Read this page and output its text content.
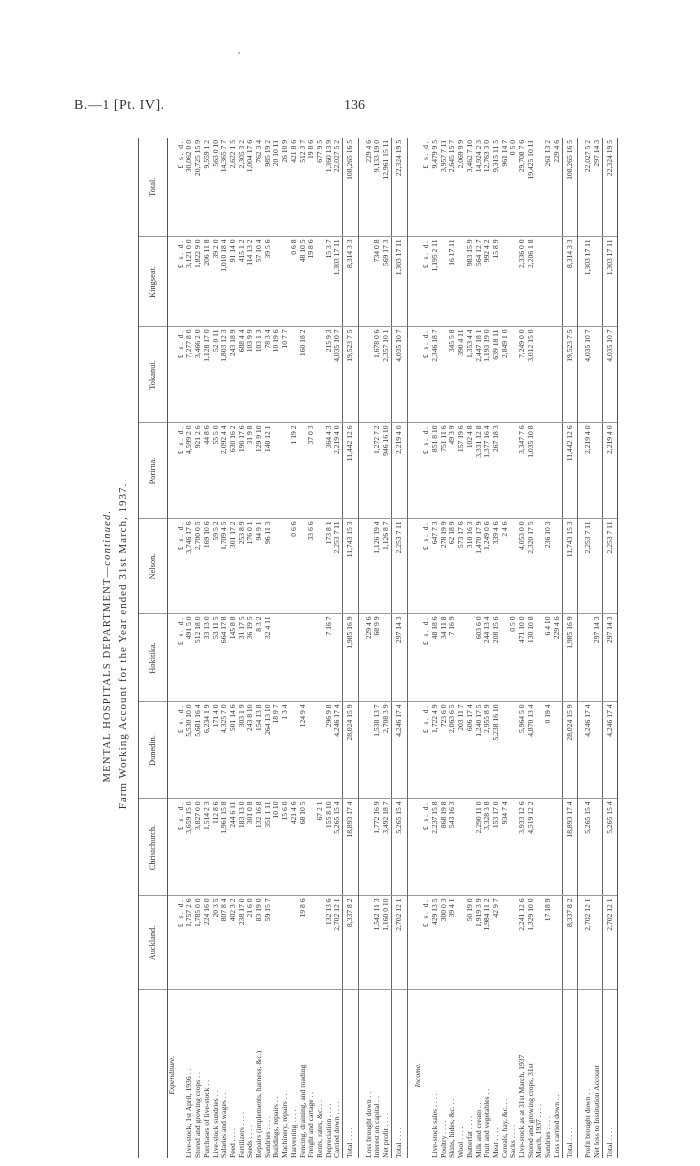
B.—1 [Pt. IV].	136
MENTAL HOSPITALS DEPARTMENT—continued. Farm Working Account for the Year ended 31st March, 1937.
	Auckland.	Christchurch.	Dunedin.	Hokitika.	Nelson.	Porirua.	Tokanui.	Kingseat.	Total.
Expenditure.									
	£ s. d.	£ s. d.	£ s. d.	£ s. d.	£ s. d.	£ s. d.	£ s. d.	£ s. d.	£ s. d.
Live-stock, 1st April, 1936 . .	1,757 2 6	3,659 15 0	5,530 10 0	491 5 0	3,746 17 6	4,599 2 0	7,277 8 0	3,121 0 0	30,062 0 0
Stored and growing crops . .	1,785 0 0	3,827 0 0	5,681 16 4	512 18 0	2,700 0 5	921 2 6	3,466 2 0	1,822 9 0	20,725 15 9
Purchases of live-stock . .	224 16 0	1,514 2 3	6,234 1 9	33 13 0	169 10 6	44 8 6	1,128 17 0	206 11 8	9,559 1 2
Live-stock sundries . .	20 3 5	112 8 6	171 4 0	53 11 5	59 5 2	55 5 0	52 0 11	39 2 0	563 0 10
Salaries and wages . .	807 8 4	1,961 15 8	4,325 7 0	664 17 8	1,709 4 5	2,092 4 4	1,803 12 3	1,010 18 4	14,365 7 7
Feed . . . .	402 3 2	244 6 11	501 14 6	145 8 8	301 17 2	630 16 2	243 18 9	91 14 0	2,622 1 5
Fertilizers . . . .	238 17 0	183 13 0	303 1 9	31 17 5	253 8 9	190 17 6	688 4 4	415 1 2	2,305 3 2
Seeds . . . .	21 6 0	301 0 8	243 8 10	36 19 5	176 0 1	31 9 8	103 9 9	114 13 2	1,004 17 6
Repairs (implements, harness, &c.)	83 19 0	132 16 8	154 13 8	8 3 2	94 9 1	129 9 10	103 1 3	57 10 4	762 3 4
Sundries . . . .	59 15 7	351 1 11	264 13 10	32 4 11	96 11 3	140 12 1	78 3 4	39 5 6	985 19 2
Buildings, repairs . .		10 10	18 9 7				10 19 6		20 10 11
Machinery, repairs . .		15 6 0	1 3 4				10 7 7		26 10 9
Harvesting . . . .		421 4 6			0 6 6	1 19 2		0 6 8	421 8 6
Fencing, draining, and roading	19 8 6	68 10 5	124 9 4				160 18 2	48 10 5	512 3 7
Freight and cartage . .					33 6 6	37 0 3		19 8 6	19 8 6
Rents, rates, &c. . .		67 2 1							677 9 5
Depreciation . . . .	132 13 6	155 8 10	296 9 8	7 16 7	173 8 1	364 4 3	215 9 3	15 3 7	1,360 13 9
Carried down . . . .	2,702 12 1	5,265 15 4	4,246 17 4		2,253 7 11	2,219 4 0	4,035 10 7	1,303 17 11	22,027 5 2
Total . . . .	8,337 8 2	18,893 17 4	28,024 15 9	1,985 16 9	11,743 15 3	11,442 12 6	19,523 7 5	8,314 3 3	108,265 16 5

Loss brought down . .				229 4 6					229 4 6
Interest on capital . .	1,542 11 3	1,772 16 9	1,538 13 7	68 9 9	1,126 19 4	1,272 7 2	1,678 0 6	734 0 8	9,133 19 0
Net profit . . . .	1,160 0 10	3,492 18 7	2,708 3 9		1,126 8 7	946 16 10	2,357 10 1	569 17 3	12,961 15 11
Total . . . .	2,702 12 1	5,265 15 4	4,246 17 4	297 14 3	2,253 7 11	2,219 4 0	4,035 10 7	1,303 17 11	22,324 19 5

Income.									
	£ s. d.	£ s. d.	£ s. d.	£ s. d.	£ s. d.	£ s. d.	£ s. d.	£ s. d.	£ s. d.
Live-stock sales . . . .	429 13 5	2,237 15 8	1,722 4 9	48 18 6	647 7 3	851 8 10	2,346 18 7	1,195 2 11	9,479 9 5
Poultry . . . .	300 0 3	868 19 8	723 6 0	34 11 8	278 19 9	751 11 6			3,957 7 11
Skins, hides, &c. . .	39 4 1	543 16 3	2,063 6 5	7 16 9	62 18 9	49 3 9	345 5 8	16 17 11	2,645 15 7
Wool . . . .			203 11 7		573 17 6	157 19 6	390 4 11		2,069 9 9
Butterfat . . . .	50 19 0		606 17 4		310 16 3	102 4 8	1,353 4 4	983 15 9	3,462 7 10
Milk and cream . .	1,919 3 9	2,290 11 0	1,240 17 5	603 6 0	1,470 17 9	3,331 12 8	2,447 18 1	564 12 7	14,924 2 3
Fruit and vegetables . .	1,984 11 2	3,328 3 8	2,955 8 9	244 13 4	1,249 0 6	1,377 16 4	1,193 19 0	992 4 2	12,763 3 0
Meat . . . .	42 9 7	153 17 0	5,238 16 10	208 15 6	339 4 6	267 18 3	639 18 11	15 8 9	9,315 11 5
Cereals, hay, &c. . .		934 7 4			2 4 6		2,849 1 0		961 14 7
Sacks . . . .				0 5 0					0 5 0
Live-stock as at 31st March, 1937	2,241 12 6	3,933 12 6	5,964 5 0	471 10 0	4,053 0 0	3,347 7 6	7,249 0 0	2,336 0 0	29,708 7 6
Stored and growing crops, 31st	1,329 10 0	4,519 12 2	4,870 13 4	130 10 8	2,320 17 5	1,035 10 8	3,012 15 0	2,206 1 8	19,425 10 11
March, 1937 . . . .									
Sundries . . . .	17 18 9		0 19 4	6 4 10	236 10 3				261 13 2
Loss carried down . .				229 4 6					229 4 6
Total . . . .	8,337 8 2	18,893 17 4	28,024 15 9	1,985 16 9	11,743 15 3	11,442 12 6	19,523 7 5	8,314 3 3	108,265 16 5

Profit brought down . .	2,702 12 1	5,265 15 4	4,246 17 4		2,253 7 11	2,219 4 0	4,035 10 7	1,303 17 11	22,027 5 2
Net loss to Institution Account				297 14 3					297 14 3
Total . . . .	2,702 12 1	5,265 15 4	4,246 17 4	297 14 3	2,253 7 11	2,219 4 0	4,035 10 7	1,303 17 11	22,324 19 5
